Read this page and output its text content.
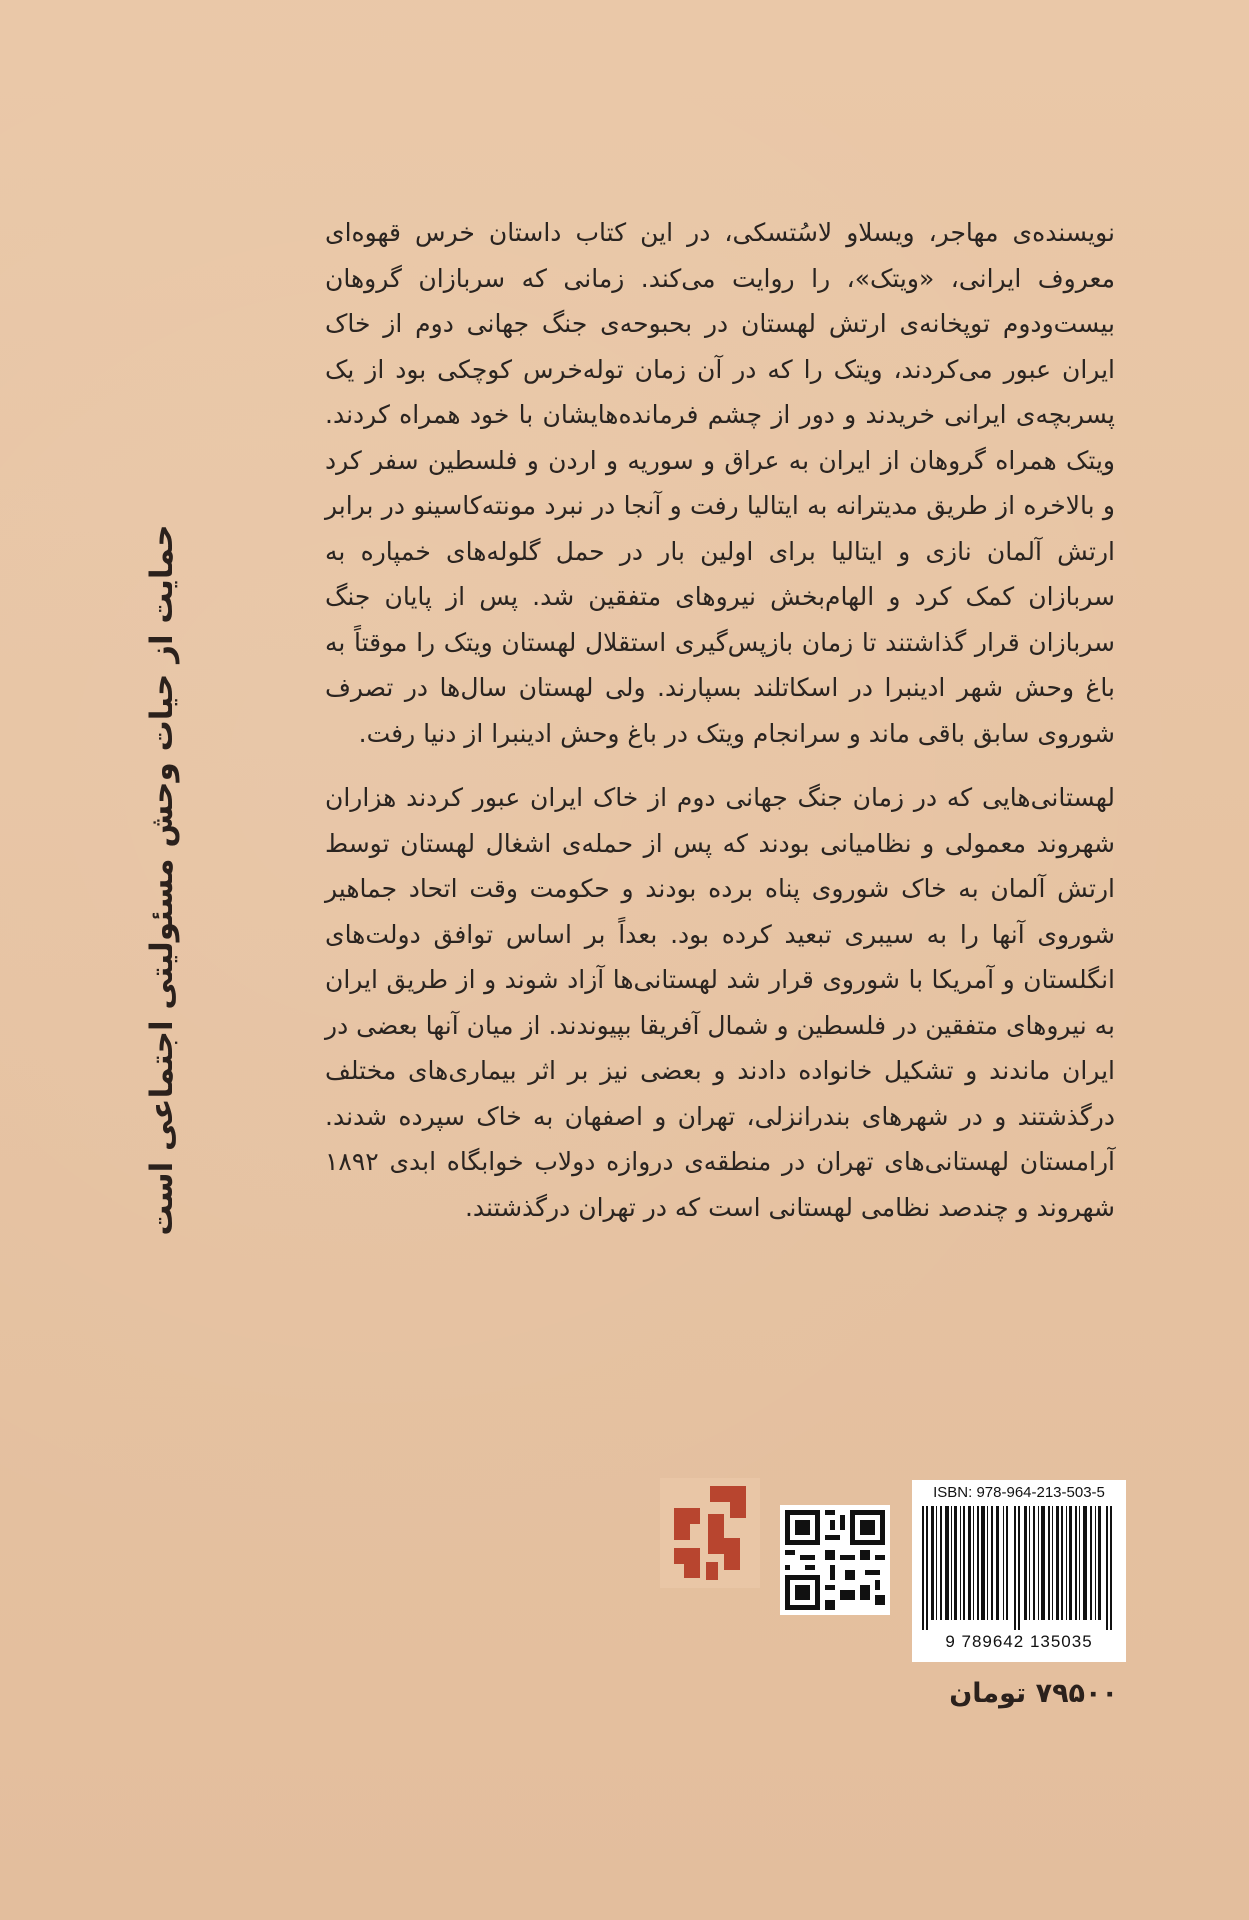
نویسنده‌ی مهاجر، ویسلاو لاسُتسکی، در این کتاب داستان خرس قهوه‌ای معروف ایرانی، «ویتک»، را روایت می‌کند. زمانی که سربازان گروهان بیست‌ودوم توپخانه‌ی ارتش لهستان در بحبوحه‌ی جنگ جهانی دوم از خاک ایران عبور می‌کردند، ویتک را که در آن زمان توله‌خرس کوچکی بود از یک پسربچه‌ی ایرانی خریدند و دور از چشم فرمانده‌هایشان با خود همراه کردند. ویتک همراه گروهان از ایران به عراق و سوریه و اردن و فلسطین سفر کرد و بالاخره از طریق مدیترانه به ایتالیا رفت و آنجا در نبرد مونته‌کاسینو در برابر ارتش آلمان نازی و ایتالیا برای اولین بار در حمل گلوله‌های خمپاره به سربازان کمک کرد و الهام‌بخش نیروهای متفقین شد. پس از پایان جنگ سربازان قرار گذاشتند تا زمان بازپس‌گیری استقلال لهستان ویتک را موقتاً به باغ وحش شهر ادینبرا در اسکاتلند بسپارند. ولی لهستان سال‌ها در تصرف شوروی سابق باقی ماند و سرانجام ویتک در باغ وحش ادینبرا از دنیا رفت.

لهستانی‌هایی که در زمان جنگ جهانی دوم از خاک ایران عبور کردند هزاران شهروند معمولی و نظامیانی بودند که پس از حمله‌ی اشغال لهستان توسط ارتش آلمان به خاک شوروی پناه برده بودند و حکومت وقت اتحاد جماهیر شوروی آنها را به سیبری تبعید کرده بود. بعداً بر اساس توافق دولت‌های انگلستان و آمریکا با شوروی قرار شد لهستانی‌ها آزاد شوند و از طریق ایران به نیروهای متفقین در فلسطین و شمال آفریقا بپیوندند. از میان آنها بعضی در ایران ماندند و تشکیل خانواده دادند و بعضی نیز بر اثر بیماری‌های مختلف درگذشتند و در شهرهای بندرانزلی، تهران و اصفهان به خاک سپرده شدند. آرامستان لهستانی‌های تهران در منطقه‌ی دروازه دولاب خوابگاه ابدی ۱۸۹۲ شهروند و چندصد نظامی لهستانی است که در تهران درگذشتند.

حمایت از حیات وحش مسئولیتی اجتماعی است
ISBN: 978-964-213-503-5
9 789642 135035
۷۹۵۰۰ تومان
